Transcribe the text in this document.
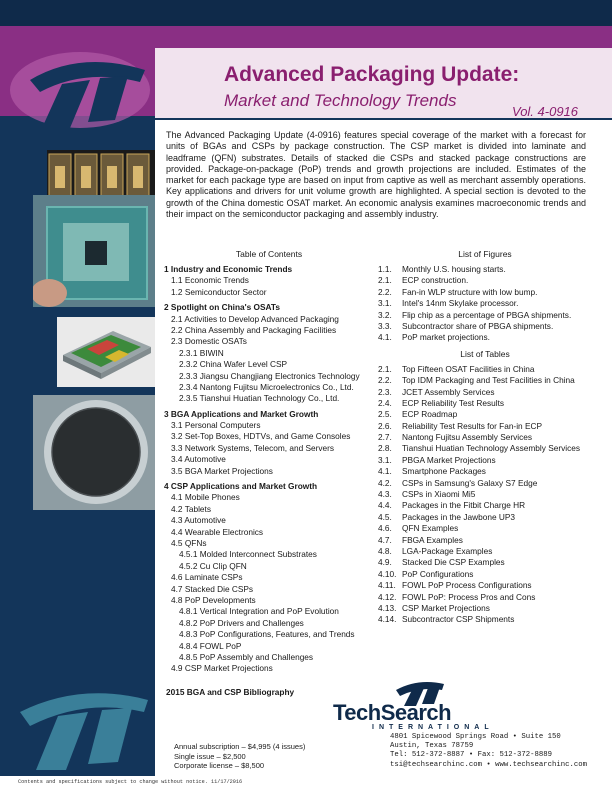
Advanced Packaging Update:
Market and Technology Trends
Vol. 4-0916
The Advanced Packaging Update (4-0916) features special coverage of the market with a forecast for units of BGAs and CSPs by package construction. The CSP market is divided into laminate and leadframe (QFN) substrates. Details of stacked die CSPs and stacked package constructions are provided. Package-on-package (PoP) trends and growth projections are included. Estimates of the market for each package type are based on input from captive as well as merchant assembly operations. Key applications and drivers for unit volume growth are highlighted. A special section is devoted to the growth of the China domestic OSAT market. An economic analysis examines macroeconomic trends and their impact on the semiconductor packaging and assembly industry.
Table of Contents
1 Industry and Economic Trends
1.1 Economic Trends
1.2 Semiconductor Sector
2 Spotlight on China's OSATs
2.1 Activities to Develop Advanced Packaging
2.2 China Assembly and Packaging Facilities
2.3 Domestic OSATs
2.3.1 BIWIN
2.3.2 China Wafer Level CSP
2.3.3 Jiangsu Changjiang Electronics Technology
2.3.4 Nantong Fujitsu Microelectronics Co., Ltd.
2.3.5 Tianshui Huatian Technology Co., Ltd.
3 BGA Applications and Market Growth
3.1 Personal Computers
3.2 Set-Top Boxes, HDTVs, and Game Consoles
3.3 Network Systems, Telecom, and Servers
3.4 Automotive
3.5 BGA Market Projections
4 CSP Applications and Market Growth
4.1 Mobile Phones
4.2 Tablets
4.3 Automotive
4.4 Wearable Electronics
4.5 QFNs
4.5.1 Molded Interconnect Substrates
4.5.2 Cu Clip QFN
4.6 Laminate CSPs
4.7 Stacked Die CSPs
4.8 PoP Developments
4.8.1 Vertical Integration and PoP Evolution
4.8.2 PoP Drivers and Challenges
4.8.3 PoP Configurations, Features, and Trends
4.8.4 FOWL PoP
4.8.5 PoP Assembly and Challenges
4.9 CSP Market Projections
List of Figures
1.1. Monthly U.S. housing starts.
2.1. ECP construction.
2.2. Fan-in WLP structure with low bump.
3.1. Intel's 14nm Skylake processor.
3.2. Flip chip as a percentage of PBGA shipments.
3.3. Subcontractor share of PBGA shipments.
4.1. PoP market projections.
List of Tables
2.1. Top Fifteen OSAT Facilities in China
2.2. Top IDM Packaging and Test Facilities in China
2.3. JCET Assembly Services
2.4. ECP Reliability Test Results
2.5. ECP Roadmap
2.6. Reliability Test Results for Fan-in ECP
2.7. Nantong Fujitsu Assembly Services
2.8. Tianshui Huatian Technology Assembly Services
3.1. PBGA Market Projections
4.1. Smartphone Packages
4.2. CSPs in Samsung's Galaxy S7 Edge
4.3. CSPs in Xiaomi Mi5
4.4. Packages in the Fitbit Charge HR
4.5. Packages in the Jawbone UP3
4.6. QFN Examples
4.7. FBGA Examples
4.8. LGA-Package Examples
4.9. Stacked Die CSP Examples
4.10. PoP Configurations
4.11. FOWL PoP Process Configurations
4.12. FOWL PoP: Process Pros and Cons
4.13. CSP Market Projections
4.14. Subcontractor CSP Shipments
2015 BGA and CSP Bibliography
Annual subscription – $4,995 (4 issues)
Single issue – $2,500
Corporate license – $8,500
TechSearch
INTERNATIONAL
4801 Spicewood Springs Road • Suite 150
Austin, Texas 78759
Tel: 512-372-8887 • Fax: 512-372-8889
tsi@techsearchinc.com • www.techsearchinc.com
Contents and specifications subject to change without notice. 11/17/2016
